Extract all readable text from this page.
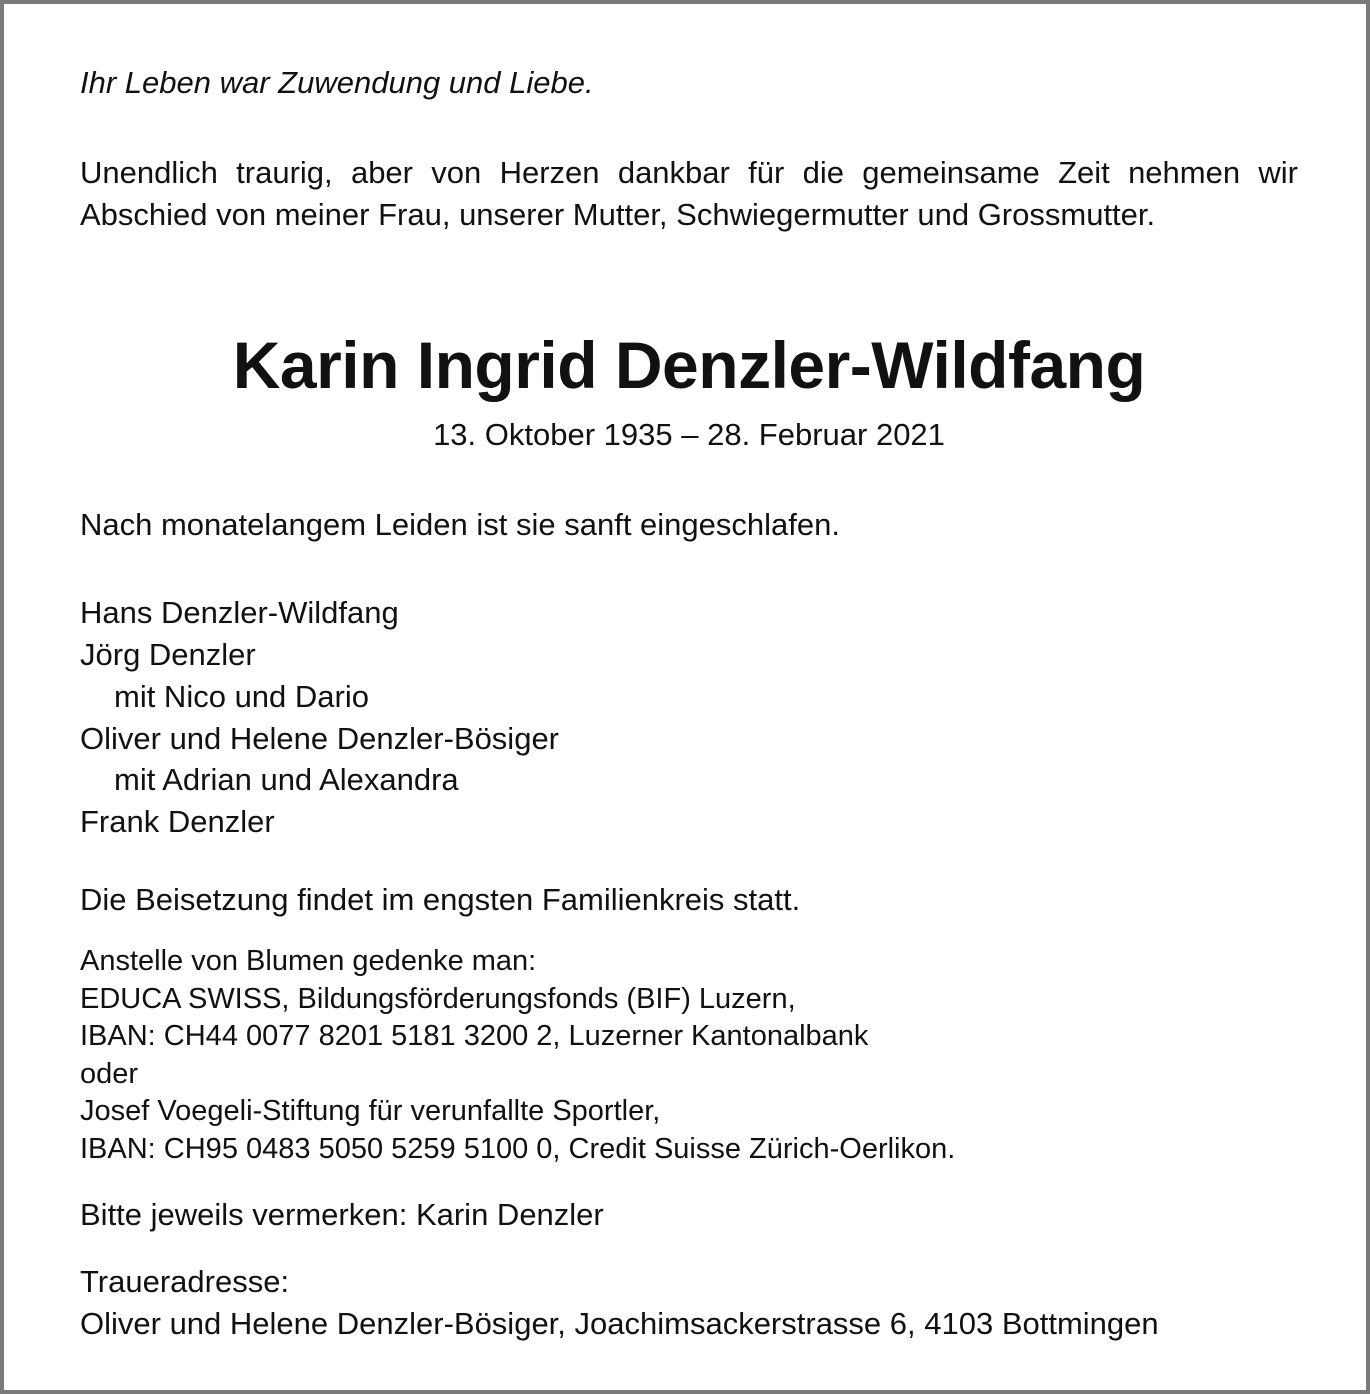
Ihr Leben war Zuwendung und Liebe.
Unendlich traurig, aber von Herzen dankbar für die gemeinsame Zeit nehmen wir Abschied von meiner Frau, unserer Mutter, Schwiegermutter und Grossmutter.
Karin Ingrid Denzler-Wildfang
13. Oktober 1935 – 28. Februar 2021
Nach monatelangem Leiden ist sie sanft eingeschlafen.
Hans Denzler-Wildfang
Jörg Denzler
mit Nico und Dario
Oliver und Helene Denzler-Bösiger
mit Adrian und Alexandra
Frank Denzler
Die Beisetzung findet im engsten Familienkreis statt.
Anstelle von Blumen gedenke man:
EDUCA SWISS, Bildungsförderungsfonds (BIF) Luzern,
IBAN: CH44 0077 8201 5181 3200 2, Luzerner Kantonalbank
oder
Josef Voegeli-Stiftung für verunfallte Sportler,
IBAN: CH95 0483 5050 5259 5100 0, Credit Suisse Zürich-Oerlikon.
Bitte jeweils vermerken: Karin Denzler
Traueradresse:
Oliver und Helene Denzler-Bösiger, Joachimsackerstrasse 6, 4103 Bottmingen
